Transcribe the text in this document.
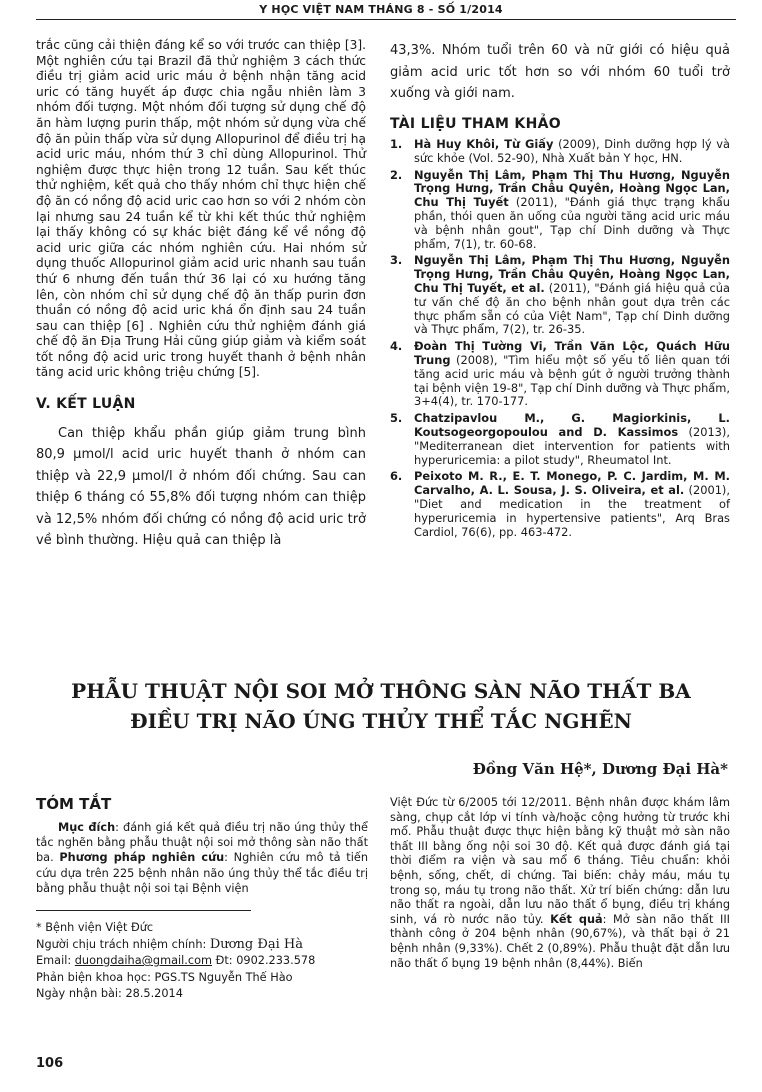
Y HỌC VIỆT NAM THÁNG 8 - SỐ 1/2014

trắc cũng cải thiện đáng kể so với trước can thiệp [3]. Một nghiên cứu tại Brazil đã thử nghiệm 3 cách thức điều trị giảm acid uric máu ở bệnh nhận tăng acid uric có tăng huyết áp được chia ngẫu nhiên làm 3 nhóm đối tượng. Một nhóm đối tượng sử dụng chế độ ăn hàm lượng purin thấp, một nhóm sử dụng vừa chế độ ăn pủin thấp vừa sử dụng Allopurinol để điều trị hạ acid uric máu, nhóm thứ 3 chỉ dùng Allopurinol. Thử nghiệm được thực hiện trong 12 tuần. Sau kết thúc thử nghiệm, kết quả cho thấy nhóm chỉ thực hiện chế độ ăn có nồng độ acid uric cao hơn so với 2 nhóm còn lại nhưng sau 24 tuần kể từ khi kết thúc thử nghiệm lại thấy không có sự khác biệt đáng kể về nồng độ acid uric giữa các nhóm nghiên cứu. Hai nhóm sử dụng thuốc Allopurinol giảm acid uric nhanh sau tuần thứ 6 nhưng đến tuần thứ 36 lại có xu hướng tăng lên, còn nhóm chỉ sử dụng chế độ ăn thấp purin đơn thuần có nồng độ acid uric khá ổn định sau 24 tuần sau can thiệp [6] . Nghiên cứu thử nghiệm đánh giá chế độ ăn Địa Trung Hải cũng giúp giảm và kiểm soát tốt nồng độ acid uric trong huyết thanh ở bệnh nhân tăng acid uric không triệu chứng [5].

V. KẾT LUẬN

Can thiệp khẩu phần giúp giảm trung bình 80,9 µmol/l acid uric huyết thanh ở nhóm can thiệp và 22,9 µmol/l ở nhóm đối chứng. Sau can thiệp 6 tháng có 55,8% đối tượng nhóm can thiệp và 12,5% nhóm đối chứng có nồng độ acid uric trở về bình thường. Hiệu quả can thiệp là

43,3%. Nhóm tuổi trên 60 và nữ giới có hiệu quả giảm acid uric tốt hơn so với nhóm 60 tuổi trở xuống và giới nam.

TÀI LIỆU THAM KHẢO
1. Hà Huy Khôi, Từ Giấy (2009), Dinh dưỡng hợp lý và sức khỏe (Vol. 52-90), Nhà Xuất bản Y học, HN.
2. Nguyễn Thị Lâm, Phạm Thị Thu Hương, Nguyễn Trọng Hưng, Trần Châu Quyên, Hoàng Ngọc Lan, Chu Thị Tuyết (2011), "Đánh giá thực trạng khẩu phần, thói quen ăn uống của người tăng acid uric máu và bệnh nhân gout", Tạp chí Dinh dưỡng và Thực phẩm, 7(1), tr. 60-68.
3. Nguyễn Thị Lâm, Phạm Thị Thu Hương, Nguyễn Trọng Hưng, Trần Châu Quyên, Hoàng Ngọc Lan, Chu Thị Tuyết, et al. (2011), "Đánh giá hiệu quả của tư vấn chế độ ăn cho bệnh nhân gout dựa trên các thực phẩm sẵn có của Việt Nam", Tạp chí Dinh dưỡng và Thực phẩm, 7(2), tr. 26-35.
4. Đoàn Thị Tường Vi, Trần Văn Lộc, Quách Hữu Trung (2008), "Tìm hiểu một số yếu tố liên quan tới tăng acid uric máu và bệnh gút ở người trưởng thành tại bệnh viện 19-8", Tạp chí Dinh dưỡng và Thực phẩm, 3+4(4), tr. 170-177.
5. Chatzipavlou M., G. Magiorkinis, L. Koutsogeorgopoulou and D. Kassimos (2013), "Mediterranean diet intervention for patients with hyperuricemia: a pilot study", Rheumatol Int.
6. Peixoto M. R., E. T. Monego, P. C. Jardim, M. M. Carvalho, A. L. Sousa, J. S. Oliveira, et al. (2001), "Diet and medication in the treatment of hyperuricemia in hypertensive patients", Arq Bras Cardiol, 76(6), pp. 463-472.
PHẪU THUẬT NỘI SOI MỞ THÔNG SÀN NÃO THẤT BA
ĐIỀU TRỊ NÃO ÚNG THỦY THỂ TẮC NGHẼN
Đồng Văn Hệ*, Dương Đại Hà*
TÓM TẮT
Mục đích: đánh giá kết quả điều trị não úng thủy thể tắc nghẽn bằng phẫu thuật nội soi mở thông sàn não thất ba. Phương pháp nghiên cứu: Nghiên cứu mô tả tiến cứu dựa trên 225 bệnh nhân não úng thủy thể tắc điều trị bằng phẫu thuật nội soi tại Bệnh viện
Việt Đức từ 6/2005 tới 12/2011. Bệnh nhân được khám lâm sàng, chụp cắt lớp vi tính và/hoặc cộng hưởng từ trước khi mổ. Phẫu thuật được thực hiện bằng kỹ thuật mở sàn não thất III bằng ống nội soi 30 độ. Kết quả được đánh giá tại thời điểm ra viện và sau mổ 6 tháng. Tiêu chuẩn: khỏi bệnh, sống, chết, di chứng. Tai biến: chảy máu, máu tụ trong sọ, máu tụ trong não thất. Xử trí biến chứng: dẫn lưu não thất ra ngoài, dẫn lưu não thất ổ bụng, điều trị kháng sinh, vá rò nước não tủy. Kết quả: Mở sàn não thất III thành công ở 204 bệnh nhân (90,67%), và thất bại ở 21 bệnh nhân (9,33%). Chết 2 (0,89%). Phẫu thuật đặt dẫn lưu não thất ổ bụng 19 bệnh nhân (8,44%). Biến
* Bệnh viện Việt Đức
Người chịu trách nhiệm chính: Dương Đại Hà
Email: duongdaiha@gmail.com Đt: 0902.233.578
Phản biện khoa học: PGS.TS Nguyễn Thế Hào
Ngày nhận bài: 28.5.2014
106
